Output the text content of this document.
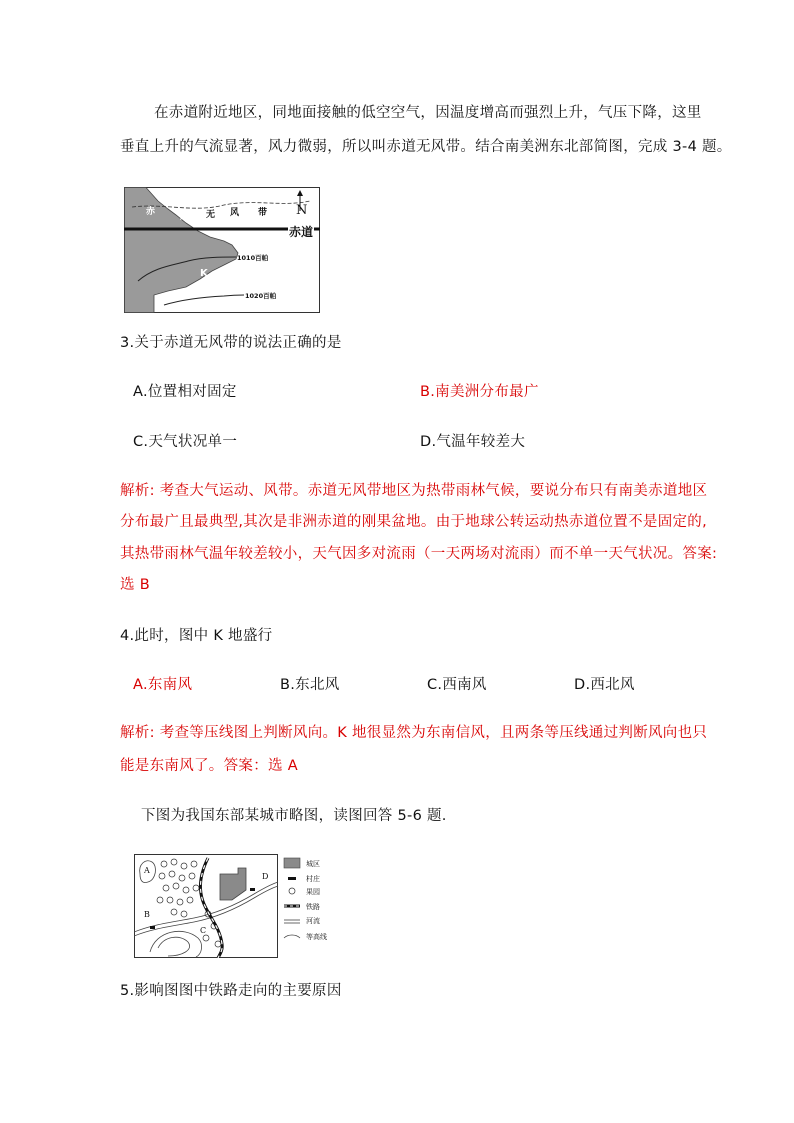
在赤道附近地区，同地面接触的低空空气，因温度增高而强烈上升，气压下降，这里
垂直上升的气流显著，风力微弱，所以叫赤道无风带。结合南美洲东北部简图，完成 3-4 题。
赤	道 无 风 带 N
赤道
1010百帕
1020百帕
K
3.关于赤道无风带的说法正确的是
A.位置相对固定	B.南美洲分布最广
C.天气状况单一	D.气温年较差大
解析: 考查大气运动、风带。赤道无风带地区为热带雨林气候，要说分布只有南美赤道地区
分布最广且最典型,其次是非洲赤道的刚果盆地。由于地球公转运动热赤道位置不是固定的,
其热带雨林气温年较差较小，天气因多对流雨（一天两场对流雨）而不单一天气状况。答案:
选 B
4.此时，图中 K 地盛行
A.东南风	B.东北风	C.西南风	D.西北风
解析: 考查等压线图上判断风向。K 地很显然为东南信风，且两条等压线通过判断风向也只
能是东南风了。答案：选 A
下图为我国东部某城市略图，读图回答 5-6 题.
A
B
C
D
城区
村庄
果园
铁路
河流
等高线
5.影响图图中铁路走向的主要原因
